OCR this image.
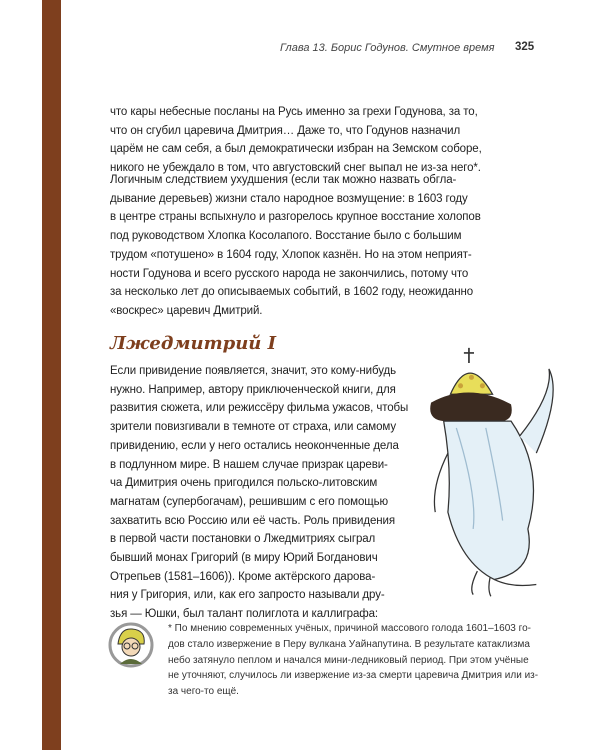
Глава 13. Борис Годунов. Смутное время 325
что кары небесные посланы на Русь именно за грехи Годунова, за то,
что он сгубил царевича Дмитрия… Даже то, что Годунов назначил
царём не сам себя, а был демократически избран на Земском соборе,
никого не убеждало в том, что августовский снег выпал не из-за него*.
Логичным следствием ухудшения (если так можно назвать обгла-
дывание деревьев) жизни стало народное возмущение: в 1603 году
в центре страны вспыхнуло и разгорелось крупное восстание холопов
под руководством Хлопка Косолапого. Восстание было с большим
трудом «потушено» в 1604 году, Хлопок казнён. Но на этом неприят-
ности Годунова и всего русского народа не закончились, потому что
за несколько лет до описываемых событий, в 1602 году, неожиданно
«воскрес» царевич Дмитрий.
Лжедмитрий I
Если привидение появляется, значит, это кому-нибудь
нужно. Например, автору приключенческой книги, для
развития сюжета, или режиссёру фильма ужасов, чтобы
зрители повизгивали в темноте от страха, или самому
привидению, если у него остались неоконченные дела
в подлунном мире. В нашем случае призрак цареви-
ча Димитрия очень пригодился польско-литовским
магнатам (супербогачам), решившим с его помощью
захватить всю Россию или её часть. Роль привидения
в первой части постановки о Лжедмитриях сыграл
бывший монах Григорий (в миру Юрий Богданович
Отрепьев (1581–1606)). Кроме актёрского дарова-
ния у Григория, или, как его запросто называли дру-
зья — Юшки, был талант полиглота и каллиграфа:
* По мнению современных учёных, причиной массового голода 1601–1603 го-
дов стало извержение в Перу вулкана Уайнапутина. В результате катаклизма
небо затянуло пеплом и начался мини-ледниковый период. При этом учёные
не уточняют, случилось ли извержение из-за смерти царевича Дмитрия или из-
за чего-то ещё.
